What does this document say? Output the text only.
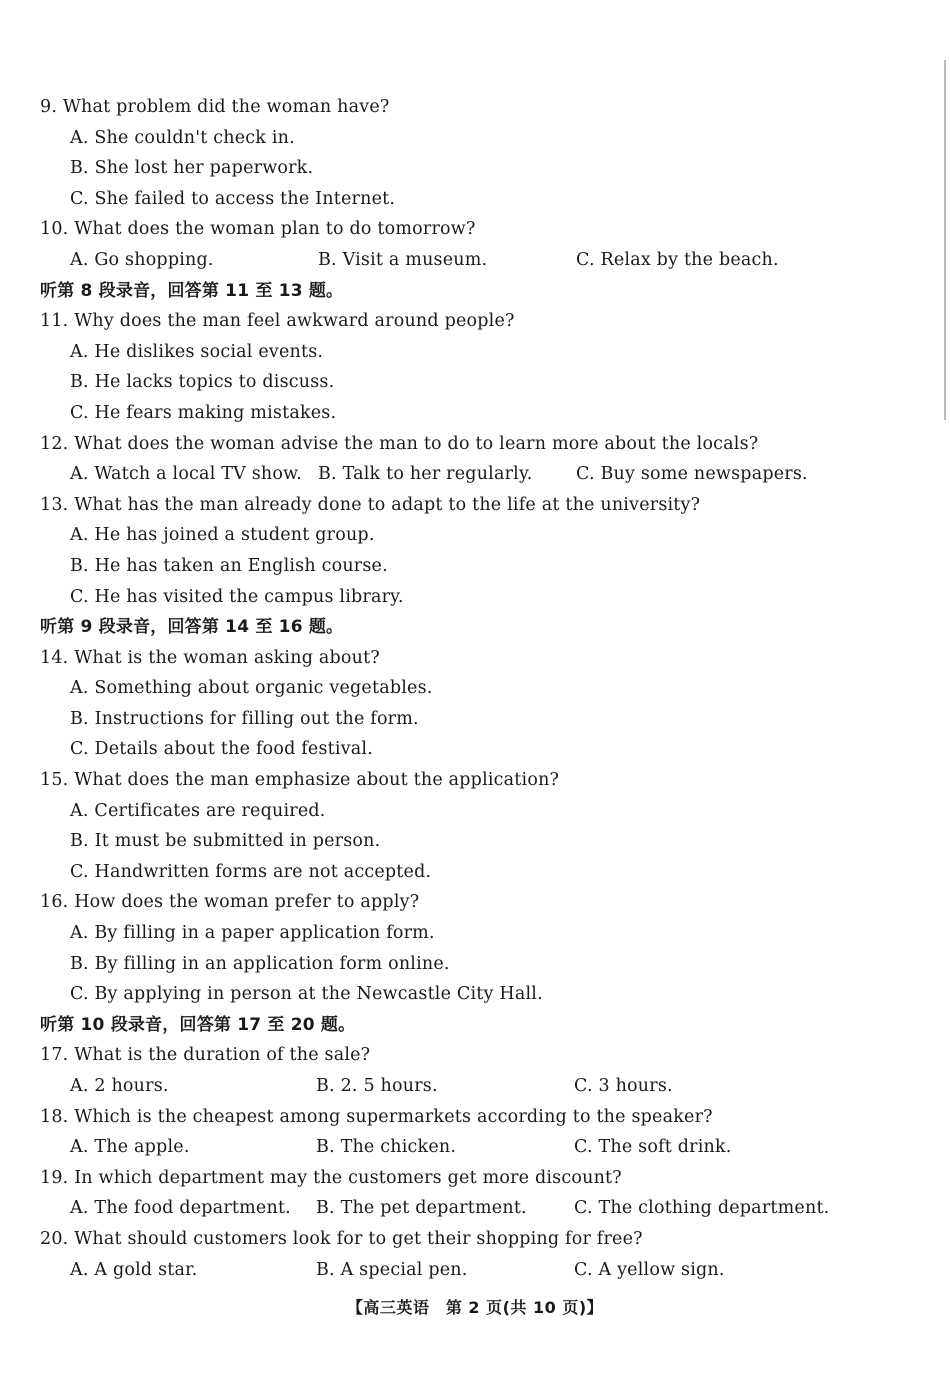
9. What problem did the woman have?
A. She couldn't check in.
B. She lost her paperwork.
C. She failed to access the Internet.
10. What does the woman plan to do tomorrow?
A. Go shopping.	B. Visit a museum.	C. Relax by the beach.
听第 8 段录音，回答第 11 至 13 题。
11. Why does the man feel awkward around people?
A. He dislikes social events.
B. He lacks topics to discuss.
C. He fears making mistakes.
12. What does the woman advise the man to do to learn more about the locals?
A. Watch a local TV show. B. Talk to her regularly. C. Buy some newspapers.
13. What has the man already done to adapt to the life at the university?
A. He has joined a student group.
B. He has taken an English course.
C. He has visited the campus library.
听第 9 段录音，回答第 14 至 16 题。
14. What is the woman asking about?
A. Something about organic vegetables.
B. Instructions for filling out the form.
C. Details about the food festival.
15. What does the man emphasize about the application?
A. Certificates are required.
B. It must be submitted in person.
C. Handwritten forms are not accepted.
16. How does the woman prefer to apply?
A. By filling in a paper application form.
B. By filling in an application form online.
C. By applying in person at the Newcastle City Hall.
听第 10 段录音，回答第 17 至 20 题。
17. What is the duration of the sale?
A. 2 hours.	B. 2. 5 hours.	C. 3 hours.
18. Which is the cheapest among supermarkets according to the speaker?
A. The apple.	B. The chicken.	C. The soft drink.
19. In which department may the customers get more discount?
A. The food department. B. The pet department.	C. The clothing department.
20. What should customers look for to get their shopping for free?
A. A gold star.	B. A special pen.	C. A yellow sign.
【高三英语　第 2 页(共 10 页)】
